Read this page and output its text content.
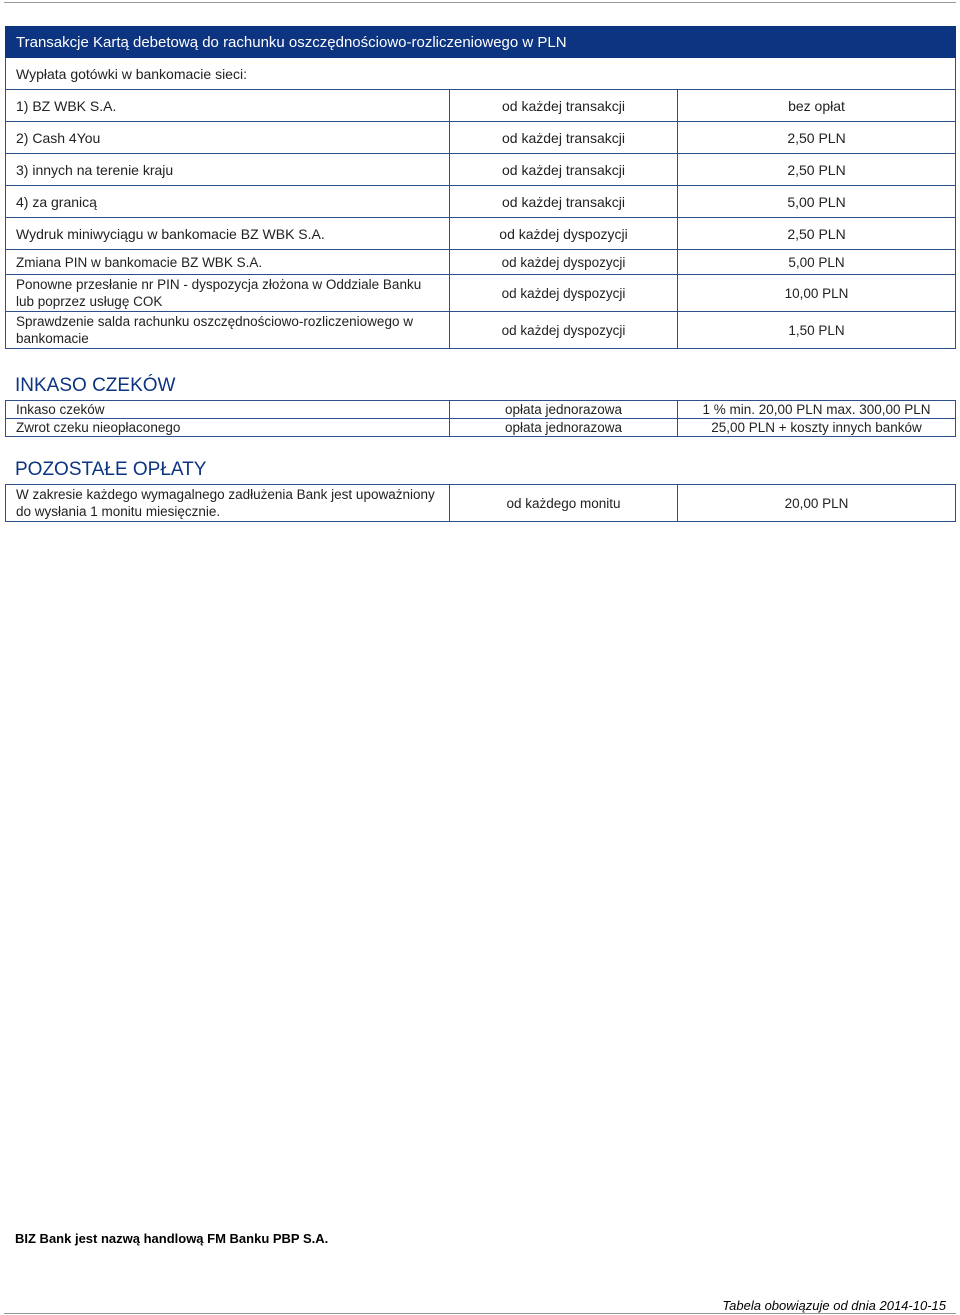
Transakcje Kartą debetową do rachunku oszczędnościowo-rozliczeniowego w PLN		
Wypłata gotówki w bankomacie sieci:		
1) BZ WBK S.A.	od każdej transakcji	bez opłat
2) Cash 4You	od każdej transakcji	2,50 PLN
3) innych na terenie kraju	od każdej transakcji	2,50 PLN
4) za granicą	od każdej transakcji	5,00 PLN
Wydruk miniwyciągu w bankomacie BZ WBK S.A.	od każdej dyspozycji	2,50 PLN
Zmiana PIN w bankomacie BZ WBK S.A.	od każdej dyspozycji	5,00 PLN
Ponowne przesłanie nr PIN - dyspozycja złożona w Oddziale Banku lub poprzez usługę COK	od każdej dyspozycji	10,00 PLN
Sprawdzenie salda rachunku oszczędnościowo-rozliczeniowego w bankomacie	od każdej dyspozycji	1,50 PLN
INKASO CZEKÓW
Inkaso czeków	opłata jednorazowa	1 % min. 20,00 PLN max. 300,00 PLN
Zwrot czeku nieopłaconego	opłata jednorazowa	25,00 PLN + koszty innych banków
POZOSTAŁE OPŁATY
W zakresie każdego wymagalnego zadłużenia Bank jest upoważniony do wysłania 1 monitu miesięcznie.	od każdego monitu	20,00 PLN
BIZ Bank jest nazwą handlową FM Banku PBP S.A.
Tabela obowiązuje od dnia 2014-10-15
